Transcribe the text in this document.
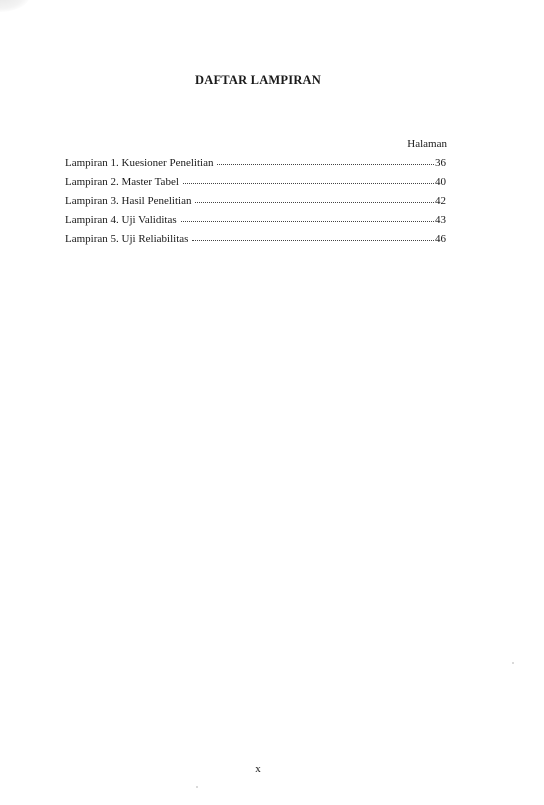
DAFTAR LAMPIRAN
Halaman
Lampiran 1. Kuesioner Penelitian	36
Lampiran 2. Master Tabel	40
Lampiran 3. Hasil Penelitian	42
Lampiran 4. Uji Validitas	43
Lampiran 5. Uji Reliabilitas	46
x
